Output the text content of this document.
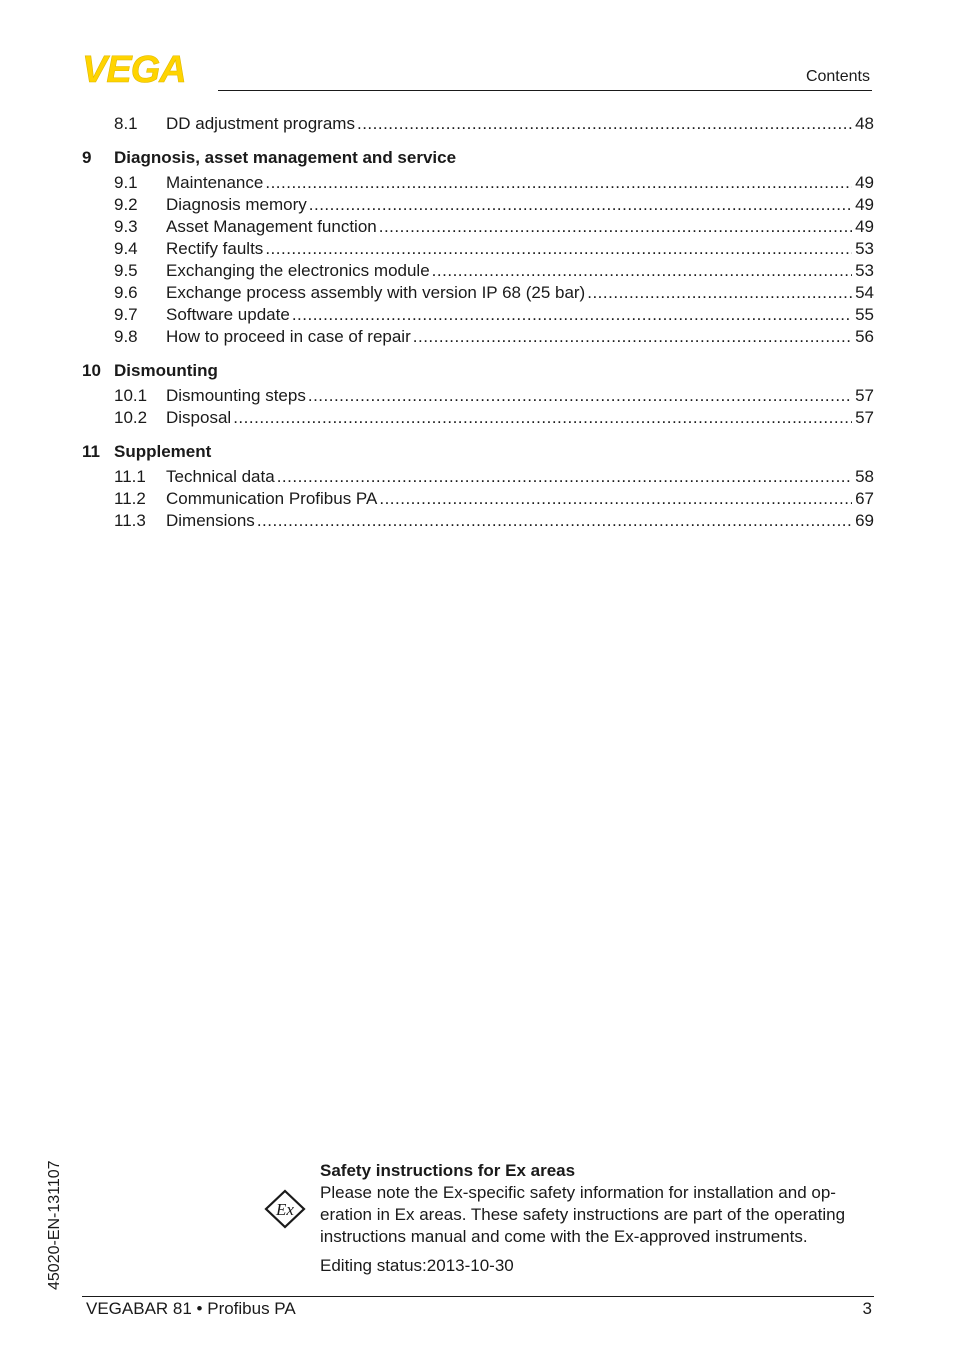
VEGA	Contents
8.1	DD adjustment programs .....	48
9	Diagnosis, asset management and service
9.1	Maintenance .....	49
9.2	Diagnosis memory .....	49
9.3	Asset Management function .....	49
9.4	Rectify faults .....	53
9.5	Exchanging the electronics module .....	53
9.6	Exchange process assembly with version IP 68 (25 bar) .....	54
9.7	Software update .....	55
9.8	How to proceed in case of repair .....	56
10 Dismounting
10.1	Dismounting steps .....	57
10.2	Disposal .....	57
11 Supplement
11.1	Technical data .....	58
11.2	Communication Profibus PA .....	67
11.3	Dimensions .....	69
Ex
Safety instructions for Ex areas
Please note the Ex-specific safety information for installation and operation in Ex areas. These safety instructions are part of the operating instructions manual and come with the Ex-approved instruments.
Editing status:2013-10-30
45020-EN-131107
VEGABAR 81 • Profibus PA	3
